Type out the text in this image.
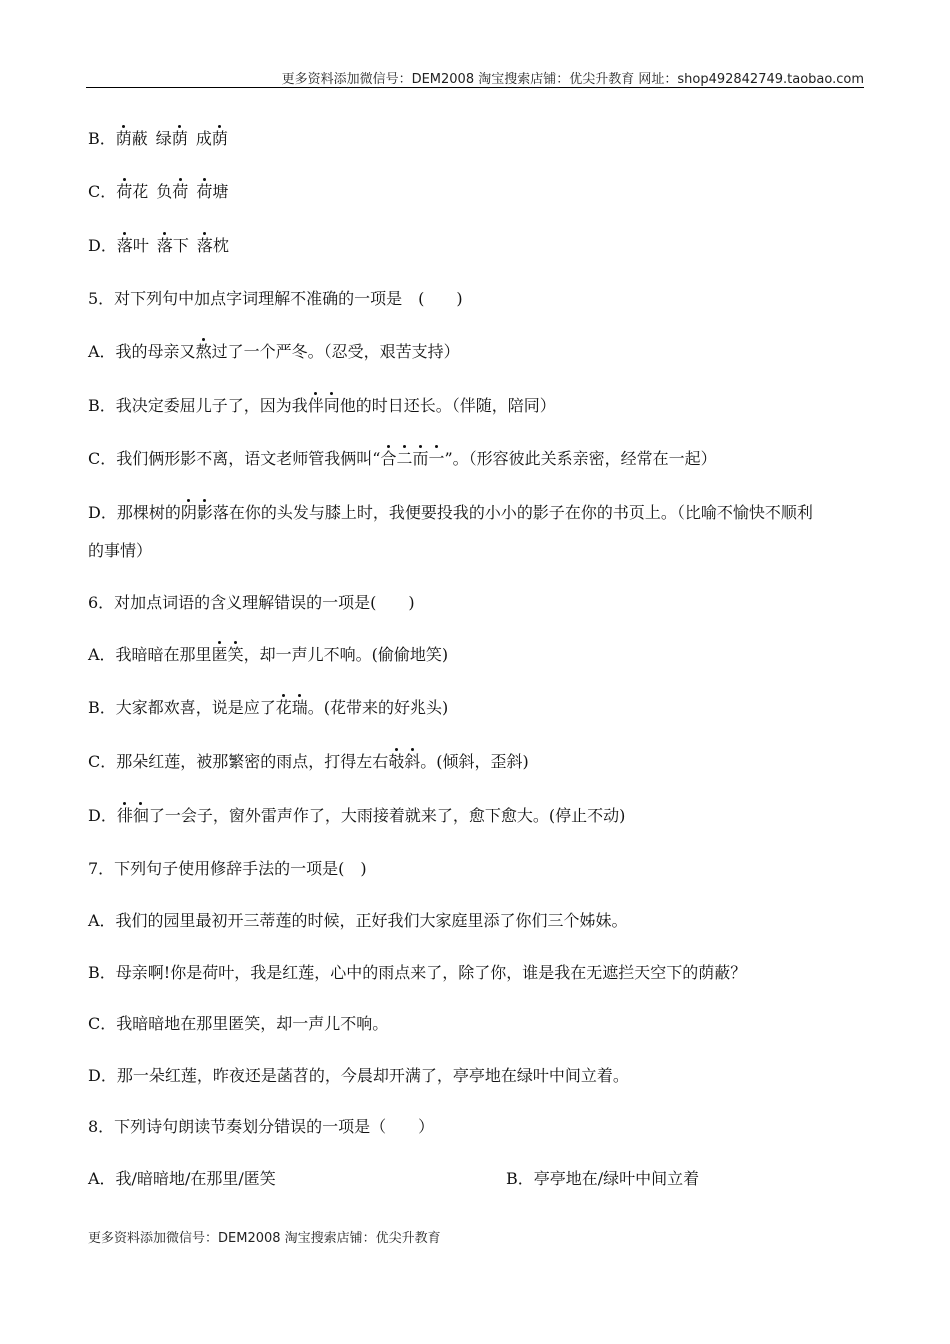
更多资料添加微信号：DEM2008 淘宝搜索店铺：优尖升教育 网址：shop492842749.taobao.com
B．荫蔽 绿荫 成荫
C．荷花 负荷 荷塘
D．落叶 落下 落枕
5．对下列句中加点字词理解不准确的一项是　(　　)
A．我的母亲又熬过了一个严冬。（忍受，艰苦支持）
B．我决定委屈儿子了，因为我伴同他的时日还长。（伴随，陪同）
C．我们俩形影不离，语文老师管我俩叫“合二而一”。（形容彼此关系亲密，经常在一起）
D．那棵树的阴影落在你的头发与膝上时，我便要投我的小小的影子在你的书页上。（比喻不愉快不顺利
的事情）
6．对加点词语的含义理解错误的一项是(　　)
A．我暗暗在那里匿笑，却一声儿不响。(偷偷地笑)
B．大家都欢喜，说是应了花瑞。(花带来的好兆头)
C．那朵红莲，被那繁密的雨点，打得左右攲斜。(倾斜，歪斜)
D．徘徊了一会子，窗外雷声作了，大雨接着就来了，愈下愈大。(停止不动)
7．下列句子使用修辞手法的一项是(　)
A．我们的园里最初开三蒂莲的时候，正好我们大家庭里添了你们三个姊妹。
B．母亲啊!你是荷叶，我是红莲，心中的雨点来了，除了你，谁是我在无遮拦天空下的荫蔽？
C．我暗暗地在那里匿笑，却一声儿不响。
D．那一朵红莲，昨夜还是菡苕的，今晨却开满了，亭亭地在绿叶中间立着。
8．下列诗句朗读节奏划分错误的一项是（　　）
A．我/暗暗地/在那里/匿笑	B．亭亭地在/绿叶中间立着
更多资料添加微信号：DEM2008 淘宝搜索店铺：优尖升教育
